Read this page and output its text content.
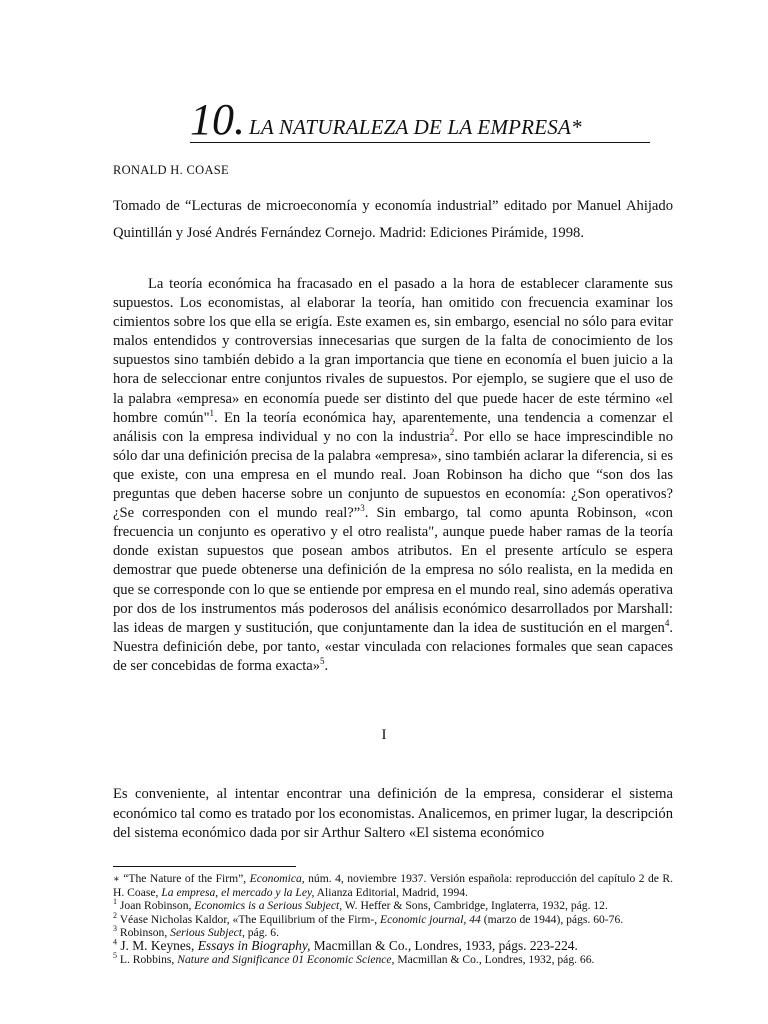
10. LA NATURALEZA DE LA EMPRESA*
RONALD H. COASE
Tomado de “Lecturas de microeconomía y economía industrial” editado por Manuel Ahijado Quintillán y José Andrés Fernández Cornejo. Madrid: Ediciones Pirámide, 1998.

La teoría económica ha fracasado en el pasado a la hora de establecer claramente sus supuestos. Los economistas, al elaborar la teoría, han omitido con frecuencia examinar los cimientos sobre los que ella se erigía. Este examen es, sin embargo, esencial no sólo para evitar malos entendidos y controversias innecesarias que surgen de la falta de conocimiento de los supuestos sino también debido a la gran importancia que tiene en economía el buen juicio a la hora de seleccionar entre conjuntos rivales de supuestos. Por ejemplo, se sugiere que el uso de la palabra «empresa» en economía puede ser distinto del que puede hacer de este término «el hombre común"$^1$. En la teoría económica hay, aparentemente, una tendencia a comenzar el análisis con la empresa individual y no con la industria$^2$. Por ello se hace imprescindible no sólo dar una definición precisa de la palabra «empresa», sino también aclarar la diferencia, si es que existe, con una empresa en el mundo real. Joan Robinson ha dicho que “son dos las preguntas que deben hacerse sobre un conjunto de supuestos en economía: ¿Son operativos? ¿Se corresponden con el mundo real?”$^3$. Sin embargo, tal como apunta Robinson, «con frecuencia un conjunto es operativo y el otro realista", aunque puede haber ramas de la teoría donde existan supuestos que posean ambos atributos. En el presente artículo se espera demostrar que puede obtenerse una definición de la empresa no sólo realista, en la medida en que se corresponde con lo que se entiende por empresa en el mundo real, sino además operativa por dos de los instrumentos más poderosos del análisis económico desarrollados por Marshall: las ideas de margen y sustitución, que conjuntamente dan la idea de sustitución en el margen$^4$. Nuestra definición debe, por tanto, «estar vinculada con relaciones formales que sean capaces de ser concebidas de forma exacta»$^5$.

I

Es conveniente, al intentar encontrar una definición de la empresa, considerar el sistema económico tal como es tratado por los economistas. Analicemos, en primer lugar, la descripción del sistema económico dada por sir Arthur Saltero «El sistema económico

∗ “The Nature of the Firm”, Economica, núm. 4, noviembre 1937. Versión española: reproducción del capítulo 2 de R. H. Coase, La empresa, el mercado y la Ley, Alianza Editorial, Madrid, 1994.

$^1$ Joan Robinson, Economics is a Serious Subject, W. Heffer & Sons, Cambridge, Inglaterra, 1932, pág. 12.

$^2$ Véase Nicholas Kaldor, «The Equilibrium of the Firm-, Economic journal, 44 (marzo de 1944), págs. 60-76.

$^3$ Robinson, Serious Subject, pág. 6.

$^4$ J. M. Keynes, Essays in Biography, Macmillan & Co., Londres, 1933, págs. 223-224.

$^5$ L. Robbins, Nature and Significance 01 Economic Science, Macmillan & Co., Londres, 1932, pág. 66.
